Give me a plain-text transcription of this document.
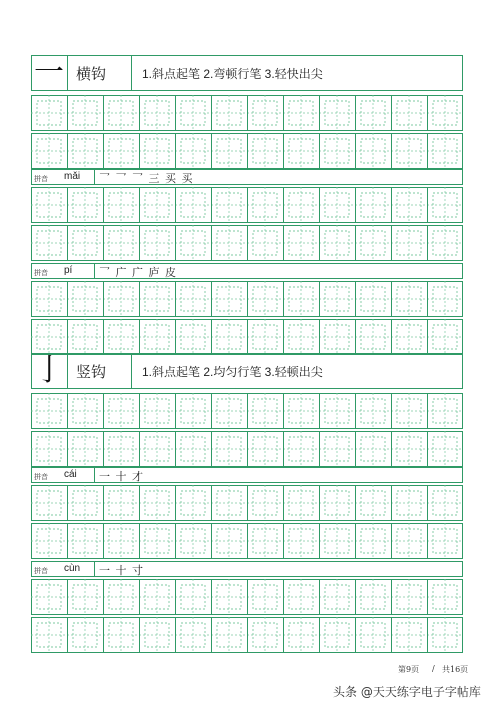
一 横钩	1.斜点起笔 2.弯顿行笔 3.轻快出尖
拼音 mǎi 乛 乛 乛 三 买 买
拼音 pí 乛 广 广 庐 皮
亅 竖钩	1.斜点起笔 2.均匀行笔 3.轻顿出尖
拼音 cái 一 十 才
拼音 cùn 一 十 寸
第9页 / 共16页
头条 @天天练字电子字帖库
